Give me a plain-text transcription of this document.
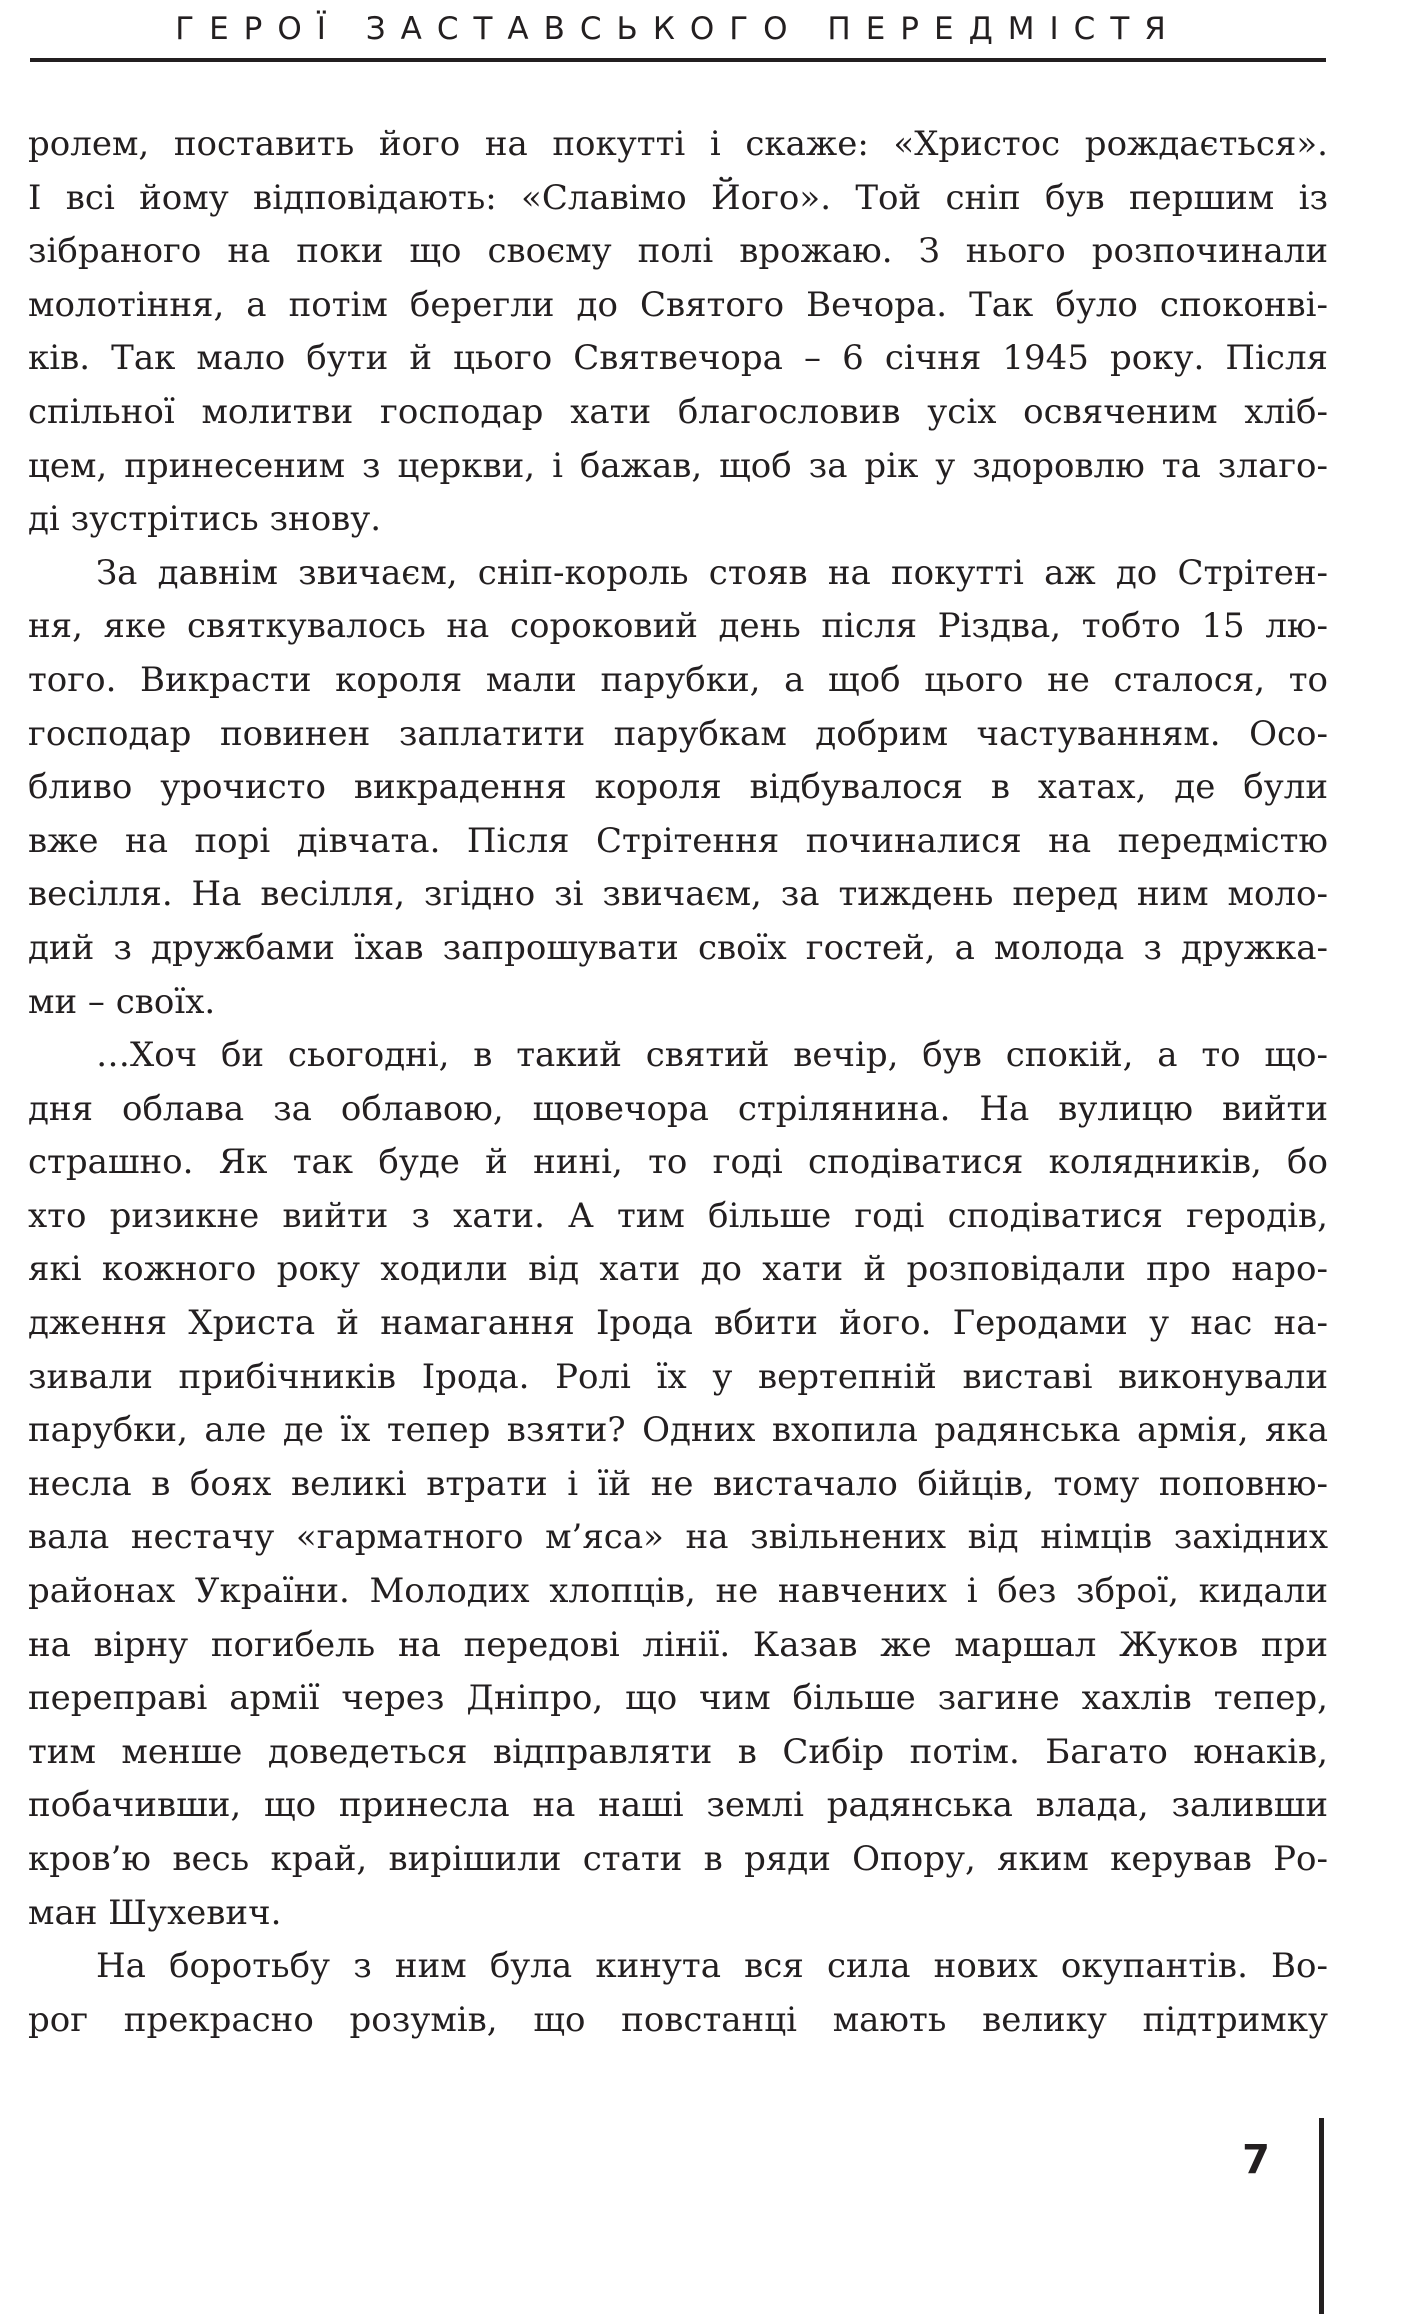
ГЕРОЇ ЗАСТАВСЬКОГО ПЕРЕДМІСТЯ
ролем, поставить його на покутті і скаже: «Христос рождається».
І всі йому відповідають: «Славімо Його». Той сніп був першим із
зібраного на поки що своєму полі врожаю. З нього розпочинали
молотіння, а потім берегли до Святого Вечора. Так було споконві-
ків. Так мало бути й цього Святвечора – 6 січня 1945 року. Після
спільної молитви господар хати благословив усіх освяченим хліб-
цем, принесеним з церкви, і бажав, щоб за рік у здоровлю та злаго-
ді зустрітись знову.
За давнім звичаєм, сніп-король стояв на покутті аж до Стрітен-
ня, яке святкувалось на сороковий день після Різдва, тобто 15 лю-
того. Викрасти короля мали парубки, а щоб цього не сталося, то
господар повинен заплатити парубкам добрим частуванням. Осо-
бливо урочисто викрадення короля відбувалося в хатах, де були
вже на порі дівчата. Після Стрітення починалися на передмістю
весілля. На весілля, згідно зі звичаєм, за тиждень перед ним моло-
дий з дружбами їхав запрошувати своїх гостей, а молода з дружка-
ми – своїх.
…Хоч би сьогодні, в такий святий вечір, був спокій, а то що-
дня облава за облавою, щовечора стрілянина. На вулицю вийти
страшно. Як так буде й нині, то годі сподіватися колядників, бо
хто ризикне вийти з хати. А тим більше годі сподіватися геродів,
які кожного року ходили від хати до хати й розповідали про наро-
дження Христа й намагання Ірода вбити його. Геродами у нас на-
зивали прибічників Ірода. Ролі їх у вертепній виставі виконували
парубки, але де їх тепер взяти? Одних вхопила радянська армія, яка
несла в боях великі втрати і їй не вистачало бійців, тому поповню-
вала нестачу «гарматного м’яса» на звільнених від німців західних
районах України. Молодих хлопців, не навчених і без зброї, кидали
на вірну погибель на передові лінії. Казав же маршал Жуков при
переправі армії через Дніпро, що чим більше загине хахлів тепер,
тим менше доведеться відправляти в Сибір потім. Багато юнаків,
побачивши, що принесла на наші землі радянська влада, заливши
кров’ю весь край, вирішили стати в ряди Опору, яким керував Ро-
ман Шухевич.
На боротьбу з ним була кинута вся сила нових окупантів. Во-
рог прекрасно розумів, що повстанці мають велику підтримку
7
